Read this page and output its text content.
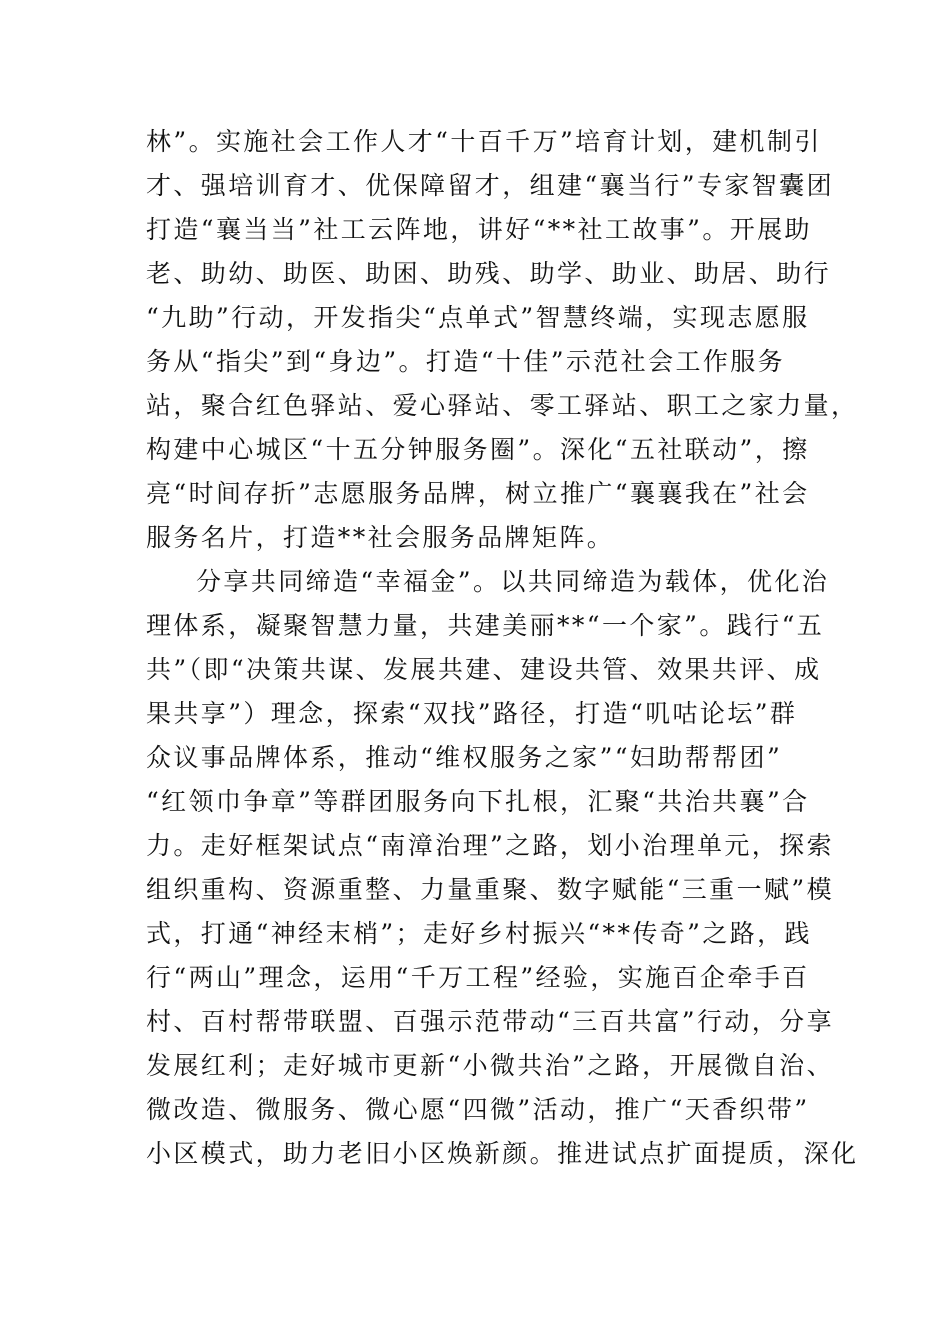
林”。实施社会工作人才“十百千万”培育计划，建机制引
才、强培训育才、优保障留才，组建“襄当行”专家智囊团
打造“襄当当”社工云阵地，讲好“**社工故事”。开展助
老、助幼、助医、助困、助残、助学、助业、助居、助行
“九助”行动，开发指尖“点单式”智慧终端，实现志愿服
务从“指尖”到“身边”。打造“十佳”示范社会工作服务
站，聚合红色驿站、爱心驿站、零工驿站、职工之家力量，
构建中心城区“十五分钟服务圈”。深化“五社联动”，擦
亮“时间存折”志愿服务品牌，树立推广“襄襄我在”社会
服务名片，打造**社会服务品牌矩阵。
分享共同缔造“幸福金”。以共同缔造为载体，优化治
理体系，凝聚智慧力量，共建美丽**“一个家”。践行“五
共”（即“决策共谋、发展共建、建设共管、效果共评、成
果共享”）理念，探索“双找”路径，打造“叽咕论坛”群
众议事品牌体系，推动“维权服务之家”“妇助帮帮团”
“红领巾争章”等群团服务向下扎根，汇聚“共治共襄”合
力。走好框架试点“南漳治理”之路，划小治理单元，探索
组织重构、资源重整、力量重聚、数字赋能“三重一赋”模
式，打通“神经末梢”；走好乡村振兴“**传奇”之路，践
行“两山”理念，运用“千万工程”经验，实施百企牵手百
村、百村帮带联盟、百强示范带动“三百共富”行动，分享
发展红利；走好城市更新“小微共治”之路，开展微自治、
微改造、微服务、微心愿“四微”活动，推广“天香织带”
小区模式，助力老旧小区焕新颜。推进试点扩面提质，深化
